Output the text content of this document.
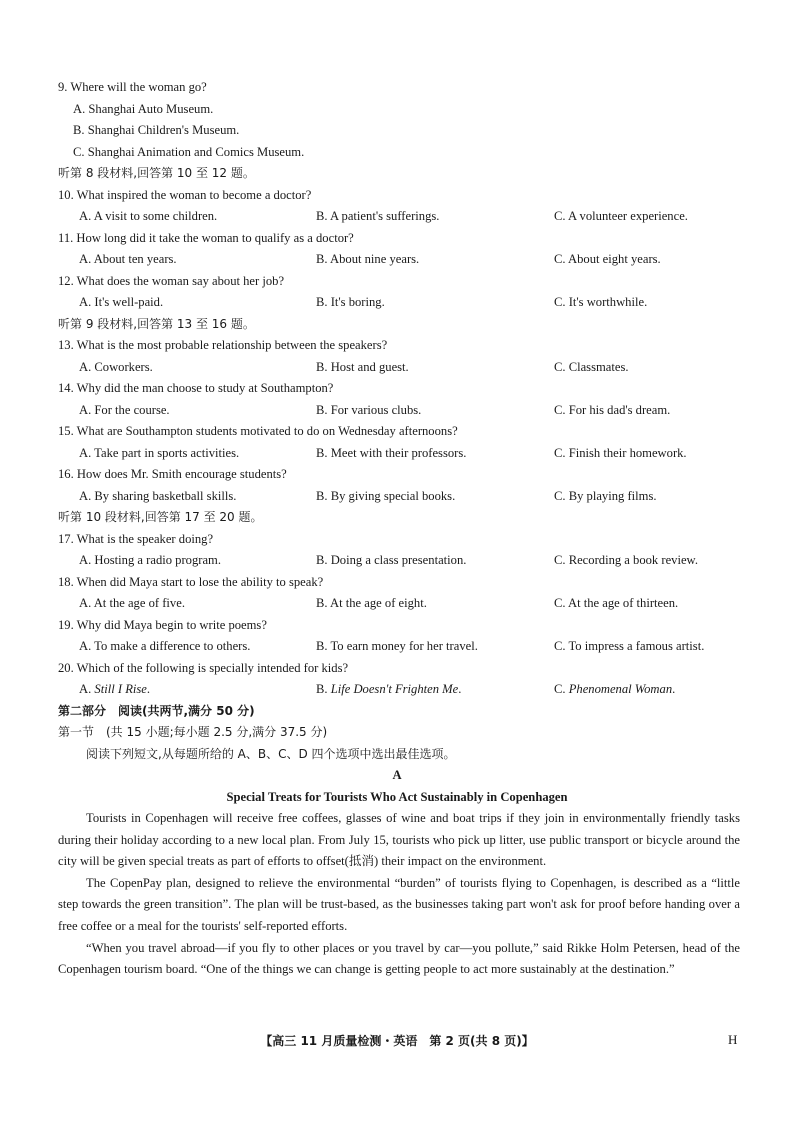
9. Where will the woman go?
A. Shanghai Auto Museum.
B. Shanghai Children's Museum.
C. Shanghai Animation and Comics Museum.
听第 8 段材料,回答第 10 至 12 题。
10. What inspired the woman to become a doctor?
A. A visit to some children.	B. A patient's sufferings.	C. A volunteer experience.
11. How long did it take the woman to qualify as a doctor?
A. About ten years.	B. About nine years.	C. About eight years.
12. What does the woman say about her job?
A. It's well-paid.	B. It's boring.	C. It's worthwhile.
听第 9 段材料,回答第 13 至 16 题。
13. What is the most probable relationship between the speakers?
A. Coworkers.	B. Host and guest.	C. Classmates.
14. Why did the man choose to study at Southampton?
A. For the course.	B. For various clubs.	C. For his dad's dream.
15. What are Southampton students motivated to do on Wednesday afternoons?
A. Take part in sports activities.	B. Meet with their professors.	C. Finish their homework.
16. How does Mr. Smith encourage students?
A. By sharing basketball skills.	B. By giving special books.	C. By playing films.
听第 10 段材料,回答第 17 至 20 题。
17. What is the speaker doing?
A. Hosting a radio program.	B. Doing a class presentation.	C. Recording a book review.
18. When did Maya start to lose the ability to speak?
A. At the age of five.	B. At the age of eight.	C. At the age of thirteen.
19. Why did Maya begin to write poems?
A. To make a difference to others.	B. To earn money for her travel.	C. To impress a famous artist.
20. Which of the following is specially intended for kids?
A. Still I Rise.	B. Life Doesn't Frighten Me.	C. Phenomenal Woman.
第二部分　阅读(共两节,满分 50 分)
第一节　(共 15 小题;每小题 2.5 分,满分 37.5 分)
阅读下列短文,从每题所给的 A、B、C、D 四个选项中选出最佳选项。
A
Special Treats for Tourists Who Act Sustainably in Copenhagen

Tourists in Copenhagen will receive free coffees, glasses of wine and boat trips if they join in environmentally friendly tasks during their holiday according to a new local plan. From July 15, tourists who pick up litter, use public transport or bicycle around the city will be given special treats as part of efforts to offset(抵消) their impact on the environment.

The CopenPay plan, designed to relieve the environmental “burden” of tourists flying to Copenhagen, is described as a “little step towards the green transition”. The plan will be trust-based, as the businesses taking part won't ask for proof before handing over a free coffee or a meal for the tourists' self-reported efforts.

“When you travel abroad—if you fly to other places or you travel by car—you pollute,” said Rikke Holm Petersen, head of the Copenhagen tourism board. “One of the things we can change is getting people to act more sustainably at the destination.”

【高三 11 月质量检测・英语　第 2 页(共 8 页)】	H
